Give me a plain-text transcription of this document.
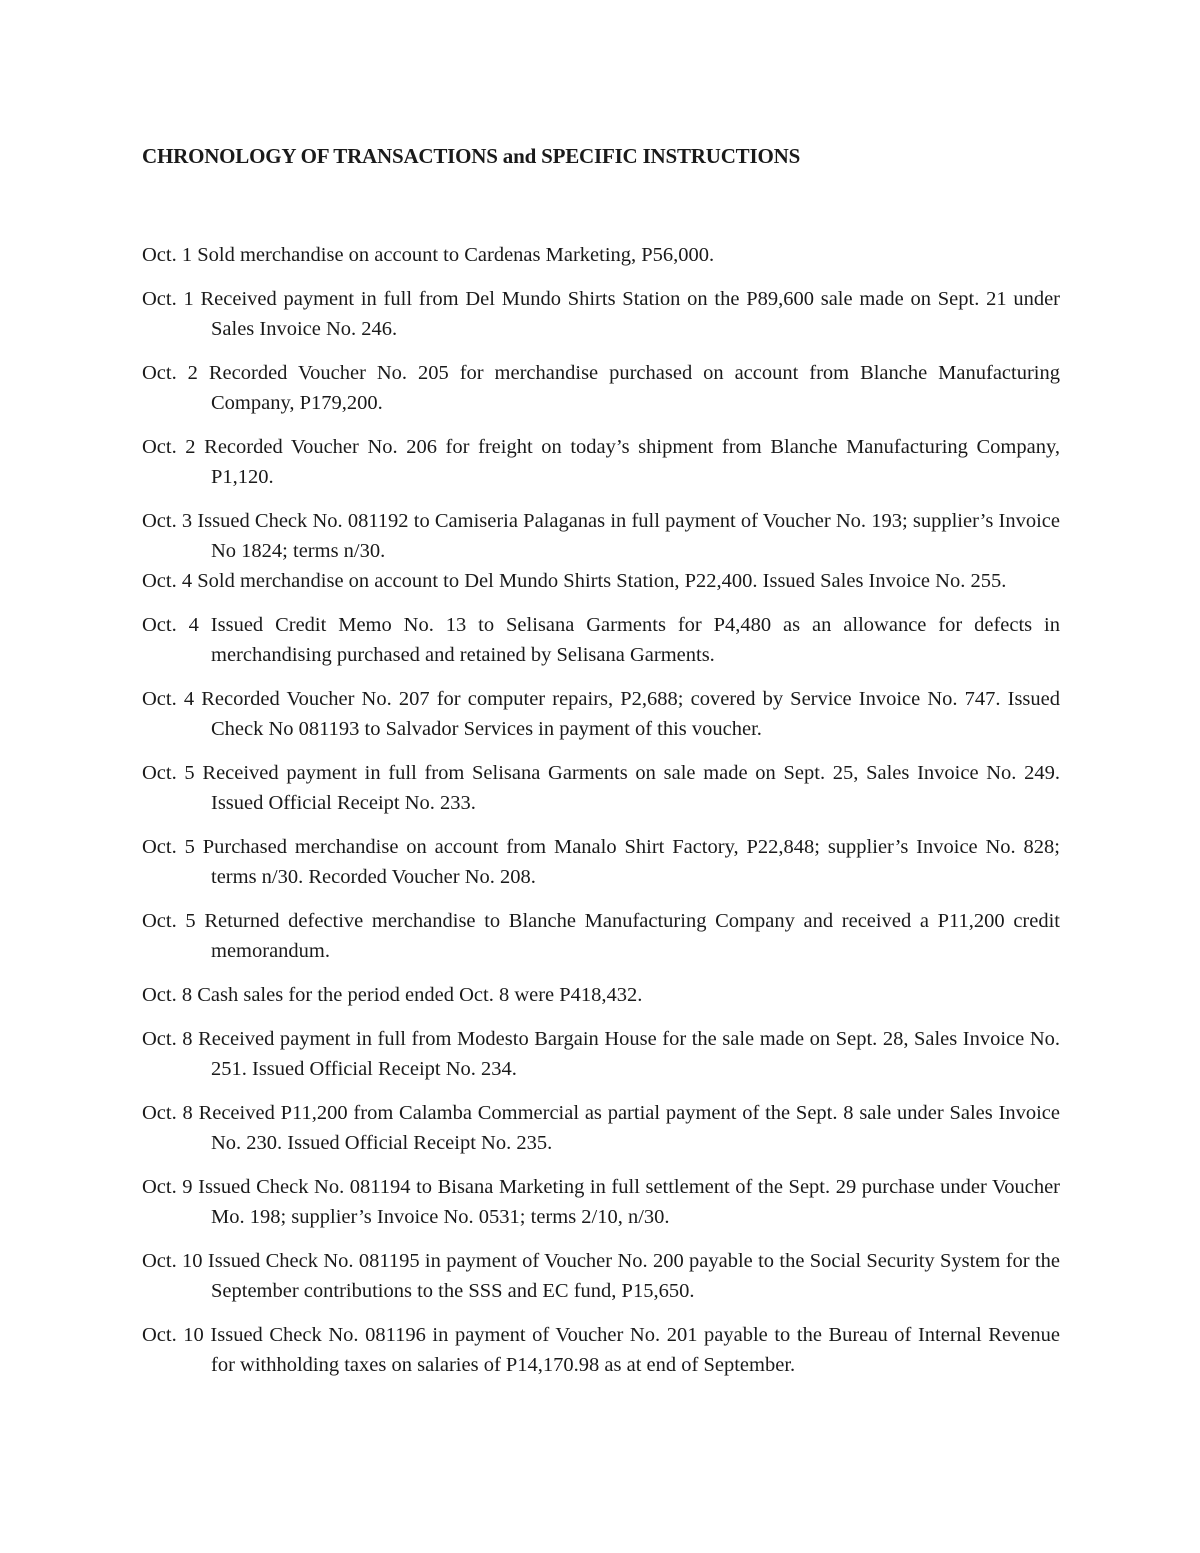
CHRONOLOGY OF TRANSACTIONS and SPECIFIC INSTRUCTIONS

Oct. 1 Sold merchandise on account to Cardenas Marketing, P56,000.

Oct. 1 Received payment in full from Del Mundo Shirts Station on the P89,600 sale made on Sept. 21 under Sales Invoice No. 246.

Oct. 2 Recorded Voucher No. 205 for merchandise purchased on account from Blanche Manufacturing Company, P179,200.

Oct. 2 Recorded Voucher No. 206 for freight on today’s shipment from Blanche Manufacturing Company, P1,120.

Oct. 3 Issued Check No. 081192 to Camiseria Palaganas in full payment of Voucher No. 193; supplier’s Invoice No 1824; terms n/30.

Oct. 4 Sold merchandise on account to Del Mundo Shirts Station, P22,400. Issued Sales Invoice No. 255.

Oct. 4 Issued Credit Memo No. 13 to Selisana Garments for P4,480 as an allowance for defects in merchandising purchased and retained by Selisana Garments.

Oct. 4 Recorded Voucher No. 207 for computer repairs, P2,688; covered by Service Invoice No. 747. Issued Check No 081193 to Salvador Services in payment of this voucher.

Oct. 5 Received payment in full from Selisana Garments on sale made on Sept. 25, Sales Invoice No. 249. Issued Official Receipt No. 233.

Oct. 5 Purchased merchandise on account from Manalo Shirt Factory, P22,848; supplier’s Invoice No. 828; terms n/30. Recorded Voucher No. 208.

Oct. 5 Returned defective merchandise to Blanche Manufacturing Company and received a P11,200 credit memorandum.

Oct. 8 Cash sales for the period ended Oct. 8 were P418,432.

Oct. 8 Received payment in full from Modesto Bargain House for the sale made on Sept. 28, Sales Invoice No. 251. Issued Official Receipt No. 234.

Oct. 8 Received P11,200 from Calamba Commercial as partial payment of the Sept. 8 sale under Sales Invoice No. 230. Issued Official Receipt No. 235.

Oct. 9 Issued Check No. 081194 to Bisana Marketing in full settlement of the Sept. 29 purchase under Voucher Mo. 198; supplier’s Invoice No. 0531; terms 2/10, n/30.

Oct. 10 Issued Check No. 081195 in payment of Voucher No. 200 payable to the Social Security System for the September contributions to the SSS and EC fund, P15,650.

Oct. 10 Issued Check No. 081196 in payment of Voucher No. 201 payable to the Bureau of Internal Revenue for withholding taxes on salaries of P14,170.98 as at end of September.
